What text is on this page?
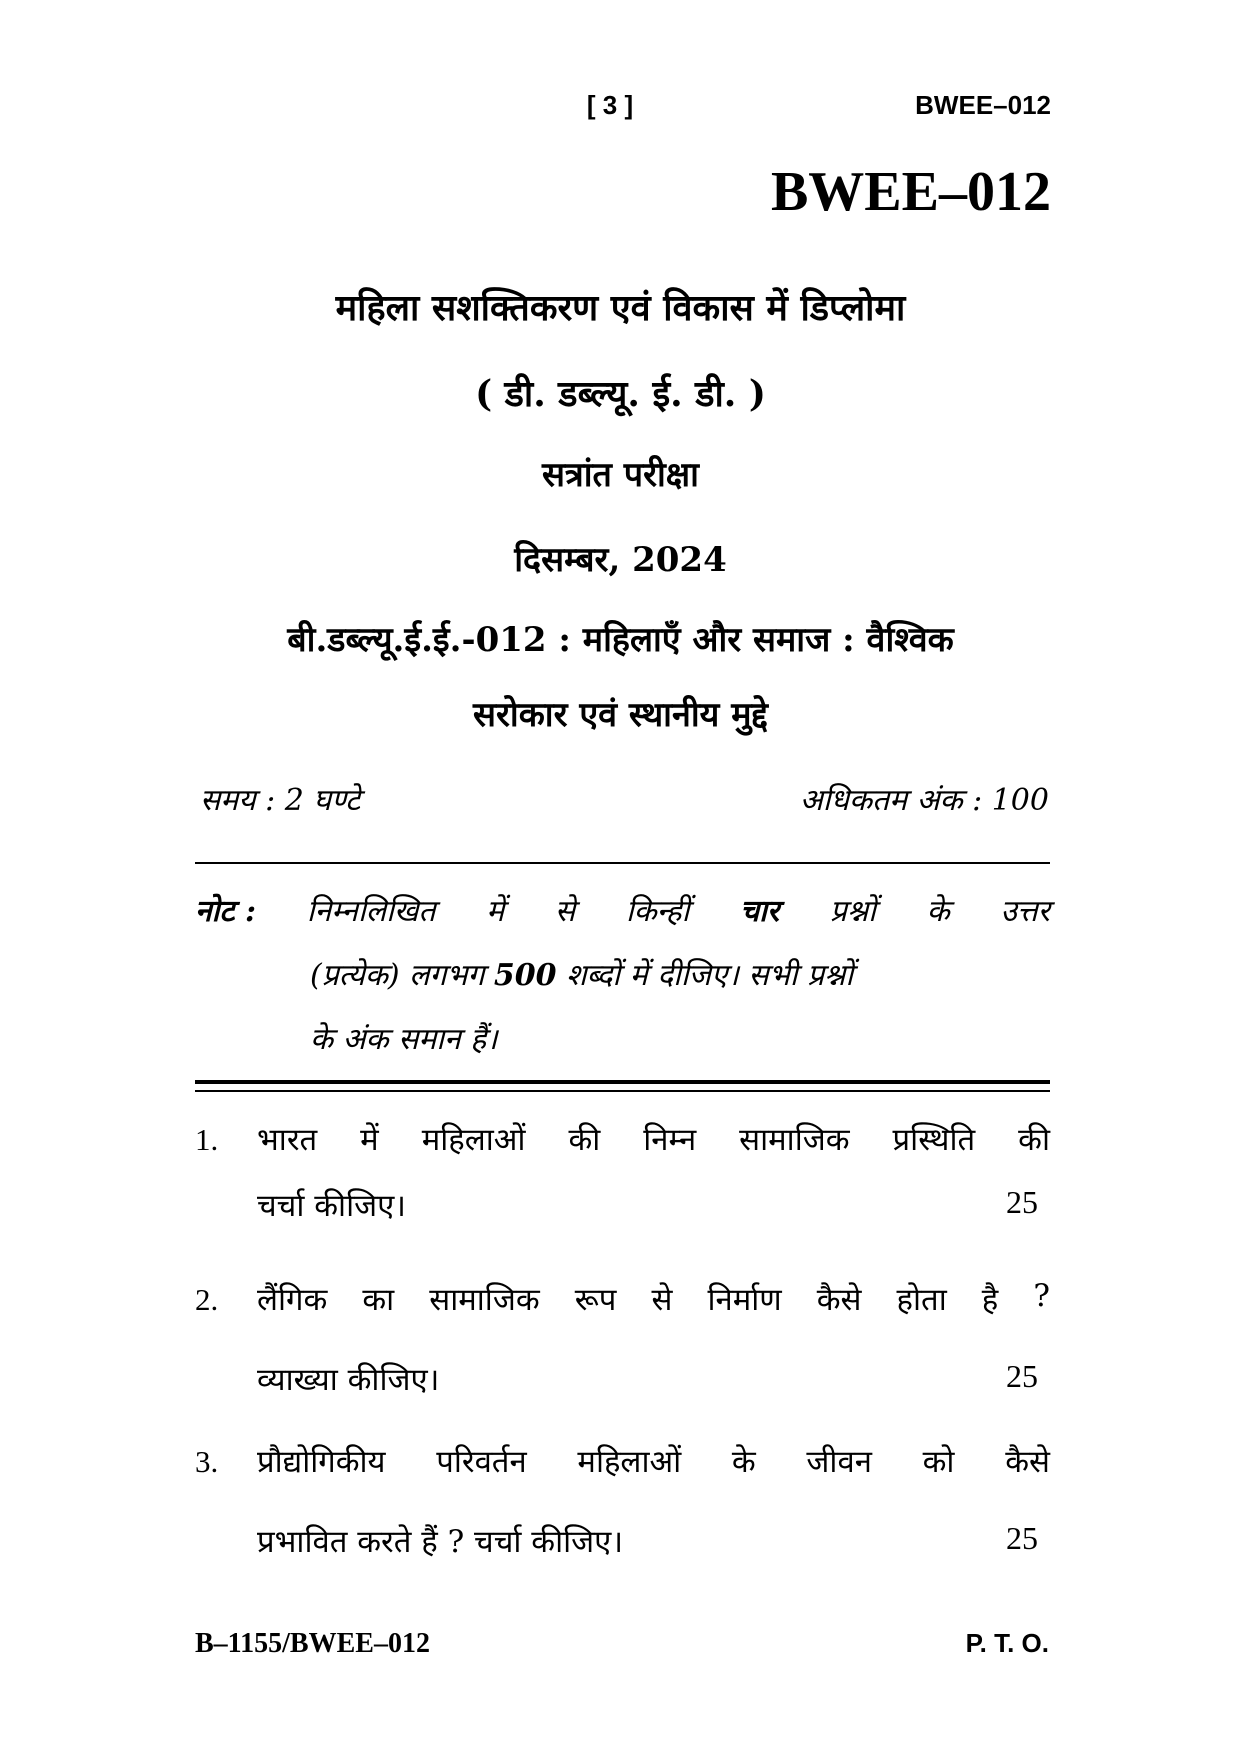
[ 3 ]	BWEE–012
BWEE–012
महिला सशक्तिकरण एवं विकास में डिप्लोमा
( डी. डब्ल्यू. ई. डी. )
सत्रांत परीक्षा
दिसम्बर, 2024
बी.डब्ल्यू.ई.ई.-012 : महिलाएँ और समाज : वैश्विक
सरोकार एवं स्थानीय मुद्दे
समय : 2 घण्टे	अधिकतम अंक : 100
नोट : निम्नलिखित में से किन्हीं चार प्रश्नों के उत्तर
(प्रत्येक) लगभग
500
शब्दों में दीजिए। सभी प्रश्नों
के अंक समान हैं।
1.	भारत में महिलाओं की निम्न सामाजिक प्रस्थिति की
चर्चा कीजिए।	25
2.	लैंगिक का सामाजिक रूप से निर्माण कैसे होता है ?
व्याख्या कीजिए।	25
3.	प्रौद्योगिकीय परिवर्तन महिलाओं के जीवन को कैसे
प्रभावित करते हैं ? चर्चा कीजिए।	25
B–1155/BWEE–012	P. T. O.
